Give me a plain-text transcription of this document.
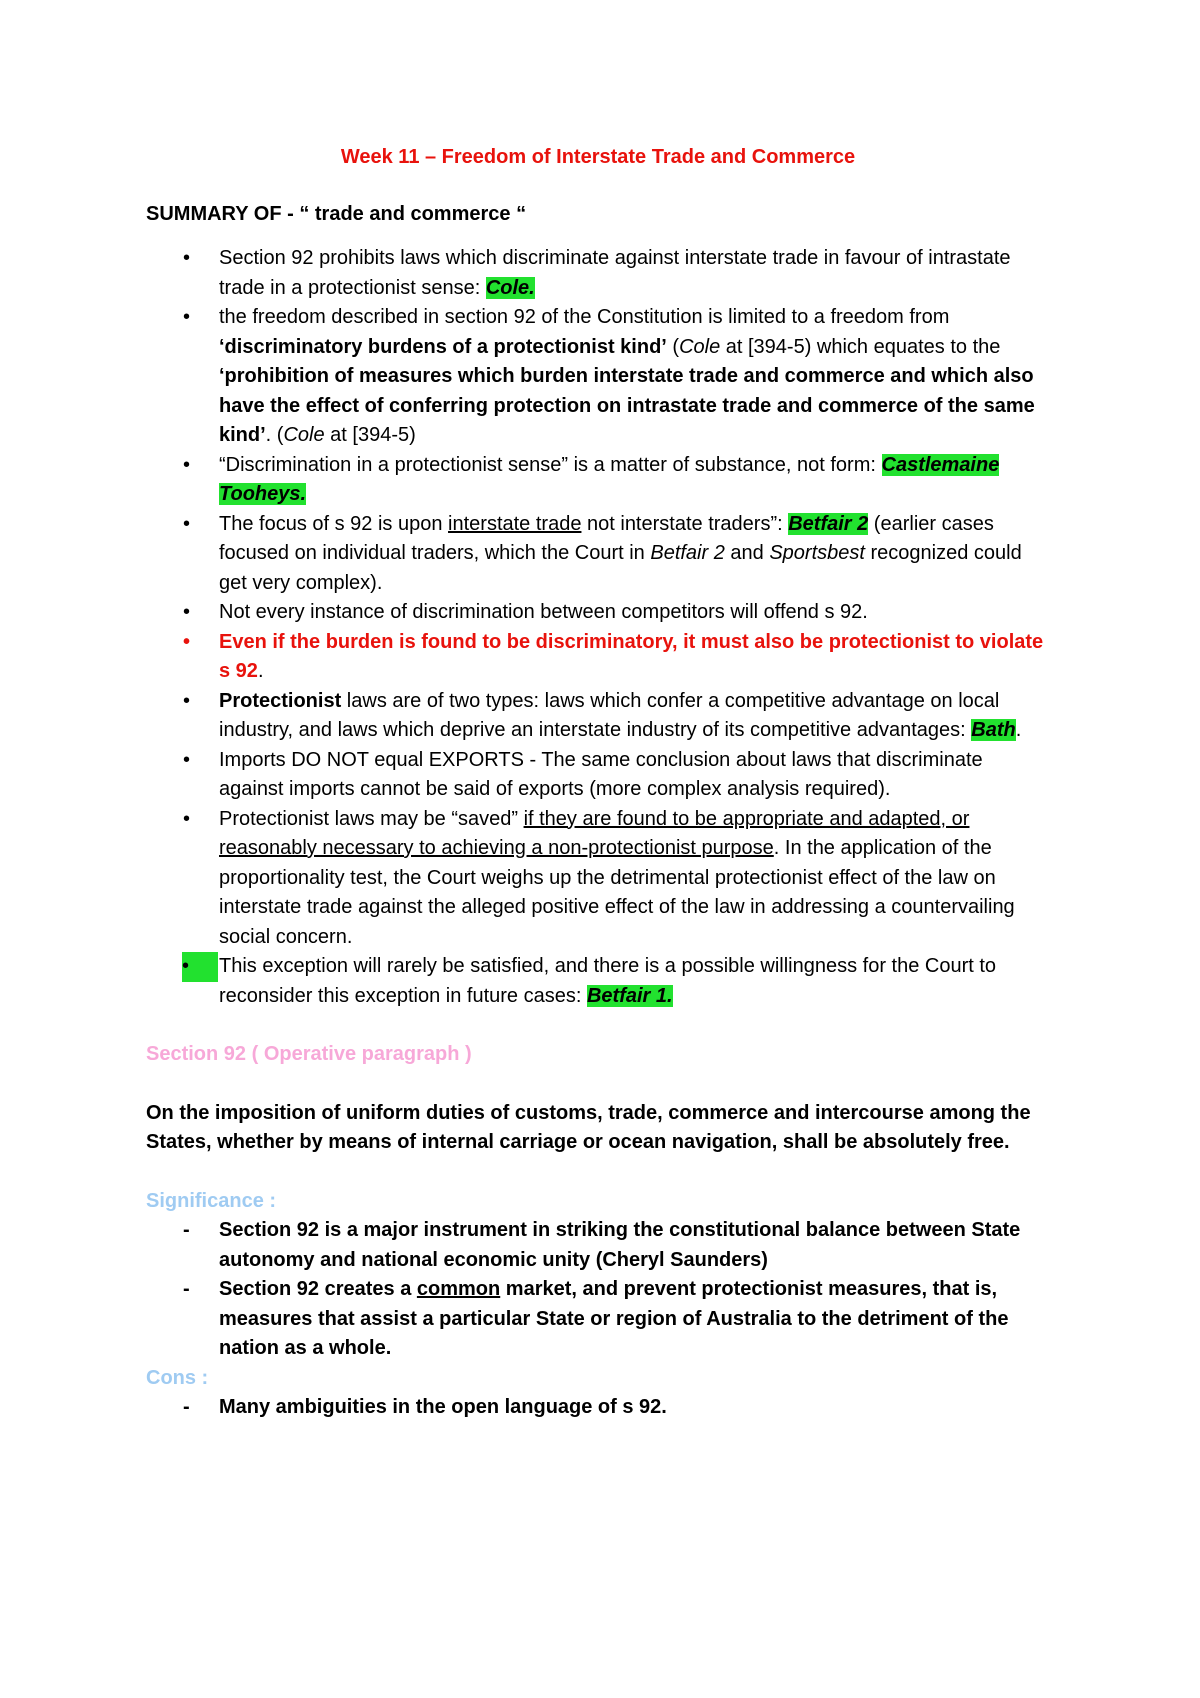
Week 11 – Freedom of Interstate Trade and Commerce
SUMMARY OF - “ trade and commerce “
•	Section 92 prohibits laws which discriminate against interstate trade in favour of intrastate trade in a protectionist sense: Cole.
•	the freedom described in section 92 of the Constitution is limited to a freedom from ‘discriminatory burdens of a protectionist kind’ (Cole at [394-5) which equates to the ‘prohibition of measures which burden interstate trade and commerce and which also have the effect of conferring protection on intrastate trade and commerce of the same kind’. (Cole at [394-5)
•	“Discrimination in a protectionist sense” is a matter of substance, not form: Castlemaine Tooheys.
•	The focus of s 92 is upon interstate trade not interstate traders”: Betfair 2 (earlier cases focused on individual traders, which the Court in Betfair 2 and Sportsbest recognized could get very complex).
•	Not every instance of discrimination between competitors will offend s 92.
•	Even if the burden is found to be discriminatory, it must also be protectionist to violate s 92.
•	Protectionist laws are of two types: laws which confer a competitive advantage on local industry, and laws which deprive an interstate industry of its competitive advantages: Bath.
•	Imports DO NOT equal EXPORTS - The same conclusion about laws that discriminate against imports cannot be said of exports (more complex analysis required).
•	Protectionist laws may be “saved” if they are found to be appropriate and adapted, or reasonably necessary to achieving a non-protectionist purpose. In the application of the proportionality test, the Court weighs up the detrimental protectionist effect of the law on interstate trade against the alleged positive effect of the law in addressing a countervailing social concern.
•	This exception will rarely be satisfied, and there is a possible willingness for the Court to reconsider this exception in future cases: Betfair 1.
Section 92 ( Operative paragraph )
On the imposition of uniform duties of customs, trade, commerce and intercourse among the States, whether by means of internal carriage or ocean navigation, shall be absolutely free.
Significance :
- Section 92 is a major instrument in striking the constitutional balance between State autonomy and national economic unity (Cheryl Saunders)
- Section 92 creates a common market, and prevent protectionist measures, that is, measures that assist a particular State or region of Australia to the detriment of the nation as a whole.
Cons :
- Many ambiguities in the open language of s 92.
